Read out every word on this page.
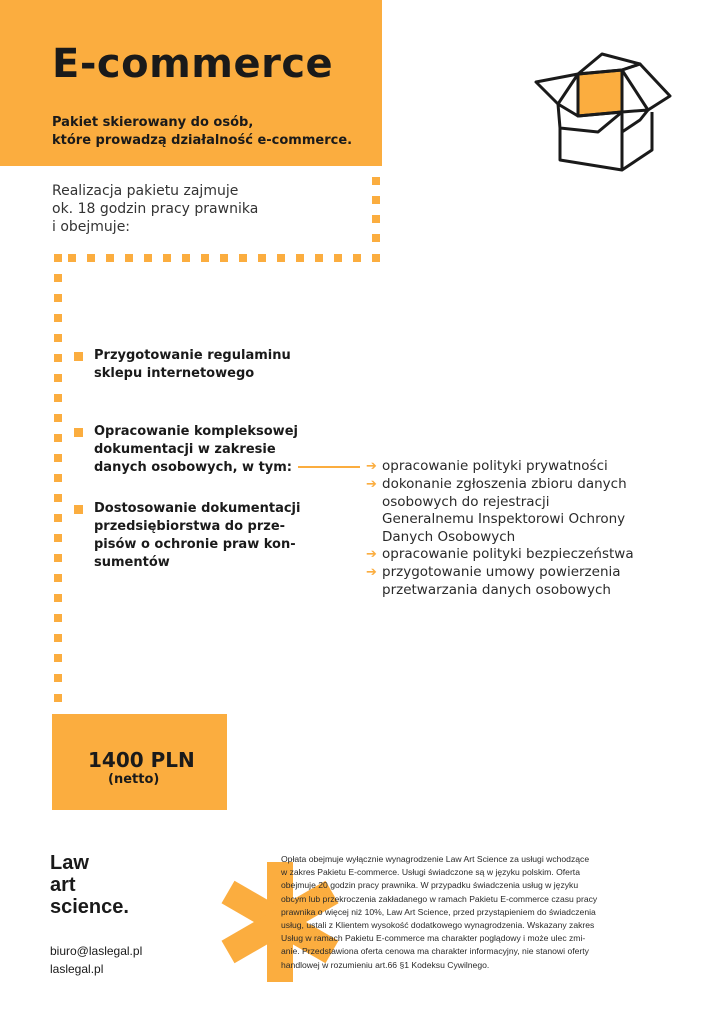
E-commerce
Pakiet skierowany do osób,
które prowadzą działalność e-commerce.
Realizacja pakietu zajmuje
ok. 18 godzin pracy prawnika
i obejmuje:
Przygotowanie regulaminu
sklepu internetowego
Opracowanie kompleksowej
dokumentacji w zakresie
danych osobowych, w tym:
Dostosowanie dokumentacji
przedsiębiorstwa do prze-
pisów o ochronie praw kon-
sumentów
➔ opracowanie polityki prywatności
➔ dokonanie zgłoszenia zbioru danych
osobowych do rejestracji
Generalnemu Inspektorowi Ochrony
Danych Osobowych
➔ opracowanie polityki bezpieczeństwa
➔ przygotowanie umowy powierzenia
przetwarzania danych osobowych
1400 PLN
(netto)
Law
art
science.
biuro@laslegal.pl
laslegal.pl
Opłata obejmuje wyłącznie wynagrodzenie Law Art Science za usługi wchodzące
w zakres Pakietu E-commerce. Usługi świadczone są w języku polskim. Oferta
obejmuje 20 godzin pracy prawnika. W przypadku świadczenia usług w języku
obcym lub przekroczenia zakładanego w ramach Pakietu E-commerce czasu pracy
prawnika o więcej niż 10%, Law Art Science, przed przystąpieniem do świadczenia
usług, ustali z Klientem wysokość dodatkowego wynagrodzenia. Wskazany zakres
Usług w ramach Pakietu E-commerce ma charakter poglądowy i może ulec zmi-
anie. Przedstawiona oferta cenowa ma charakter informacyjny, nie stanowi oferty
handlowej w rozumieniu art.66 §1 Kodeksu Cywilnego.
